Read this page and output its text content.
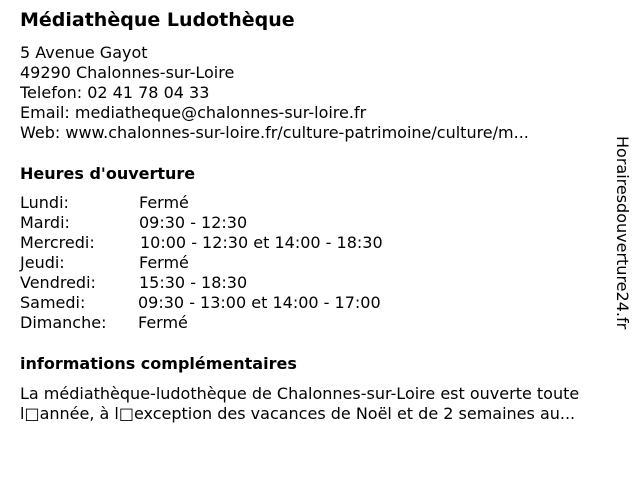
Médiathèque Ludothèque
5 Avenue Gayot
49290 Chalonnes-sur-Loire
Telefon: 02 41 78 04 33
Email: mediatheque@chalonnes-sur-loire.fr
Web: www.chalonnes-sur-loire.fr/culture-patrimoine/culture/m...
Heures d'ouverture
Lundi:	Fermé
Mardi:	09:30 - 12:30
Mercredi:	10:00 - 12:30 et 14:00 - 18:30
Jeudi:	Fermé
Vendredi:	15:30 - 18:30
Samedi:	09:30 - 13:00 et 14:00 - 17:00
Dimanche:	Fermé
informations complémentaires
La médiathèque-ludothèque de Chalonnes-sur-Loire est ouverte toute
l□année, à l□exception des vacances de Noël et de 2 semaines au...
Horairesdouverture24.fr
